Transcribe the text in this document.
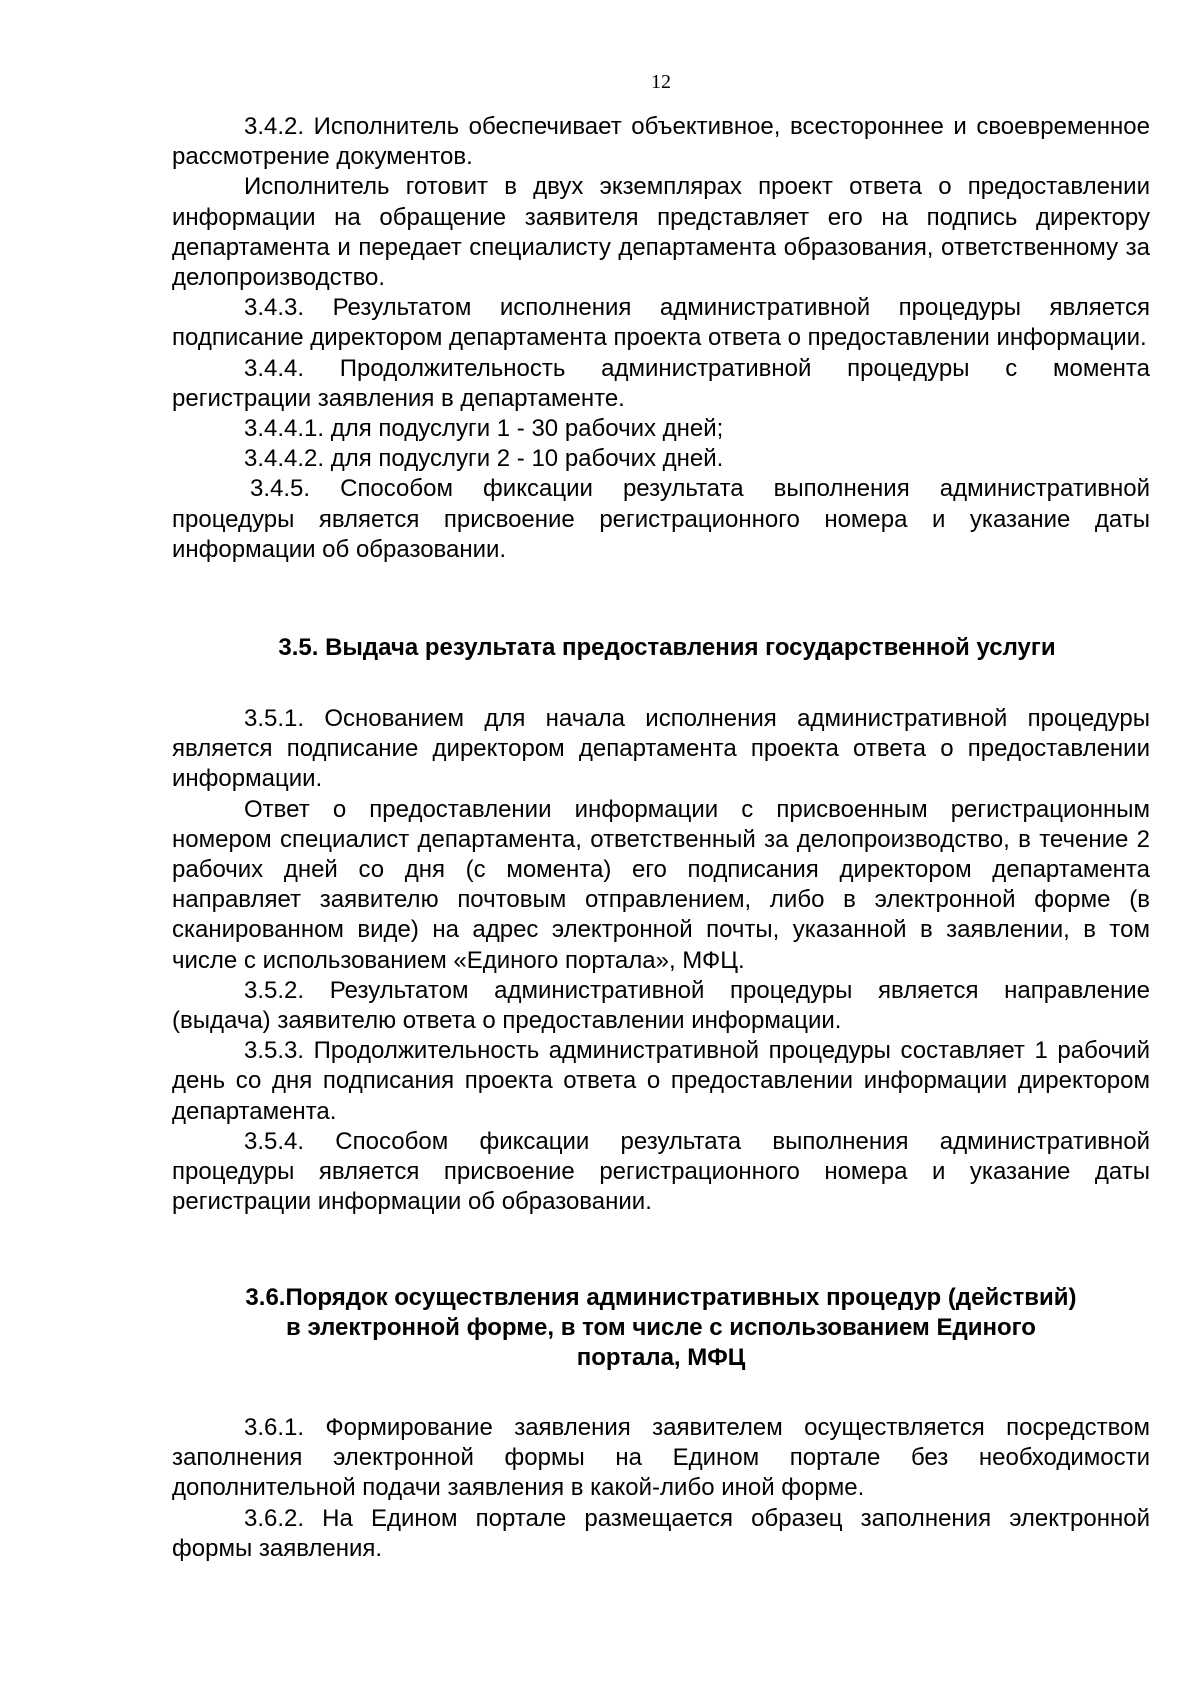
12

3.4.2. Исполнитель обеспечивает объективное, всестороннее и своевременное рассмотрение документов.

Исполнитель готовит в двух экземплярах проект ответа о предоставлении информации на обращение заявителя представляет его на подпись директору департамента и передает специалисту департамента образования, ответственному за делопроизводство.

3.4.3. Результатом исполнения административной процедуры является подписание директором департамента проекта ответа о предоставлении информации.

3.4.4. Продолжительность административной процедуры с момента регистрации заявления в департаменте.

3.4.4.1. для подуслуги 1 - 30 рабочих дней;

3.4.4.2. для подуслуги 2 - 10 рабочих дней.

3.4.5. Способом фиксации результата выполнения административной процедуры является присвоение регистрационного номера и указание даты информации об образовании.

3.5. Выдача результата предоставления государственной услуги

3.5.1. Основанием для начала исполнения административной процедуры является подписание директором департамента проекта ответа о предоставлении информации.

Ответ о предоставлении информации с присвоенным регистрационным номером специалист департамента, ответственный за делопроизводство, в течение 2 рабочих дней со дня (с момента) его подписания директором департамента направляет заявителю почтовым отправлением, либо в электронной форме (в сканированном виде) на адрес электронной почты, указанной в заявлении, в том числе с использованием «Единого портала», МФЦ.

3.5.2. Результатом административной процедуры является направление (выдача) заявителю ответа о предоставлении информации.

3.5.3. Продолжительность административной процедуры составляет 1 рабочий день со дня подписания проекта ответа о предоставлении информации директором департамента.

3.5.4. Способом фиксации результата выполнения административной процедуры является присвоение регистрационного номера и указание даты регистрации информации об образовании.

3.6.Порядок осуществления административных процедур (действий)

в электронной форме, в том числе с использованием Единого

портала, МФЦ

3.6.1. Формирование заявления заявителем осуществляется посредством заполнения электронной формы на Едином портале без необходимости дополнительной подачи заявления в какой-либо иной форме.

3.6.2. На Едином портале размещается образец заполнения электронной формы заявления.
